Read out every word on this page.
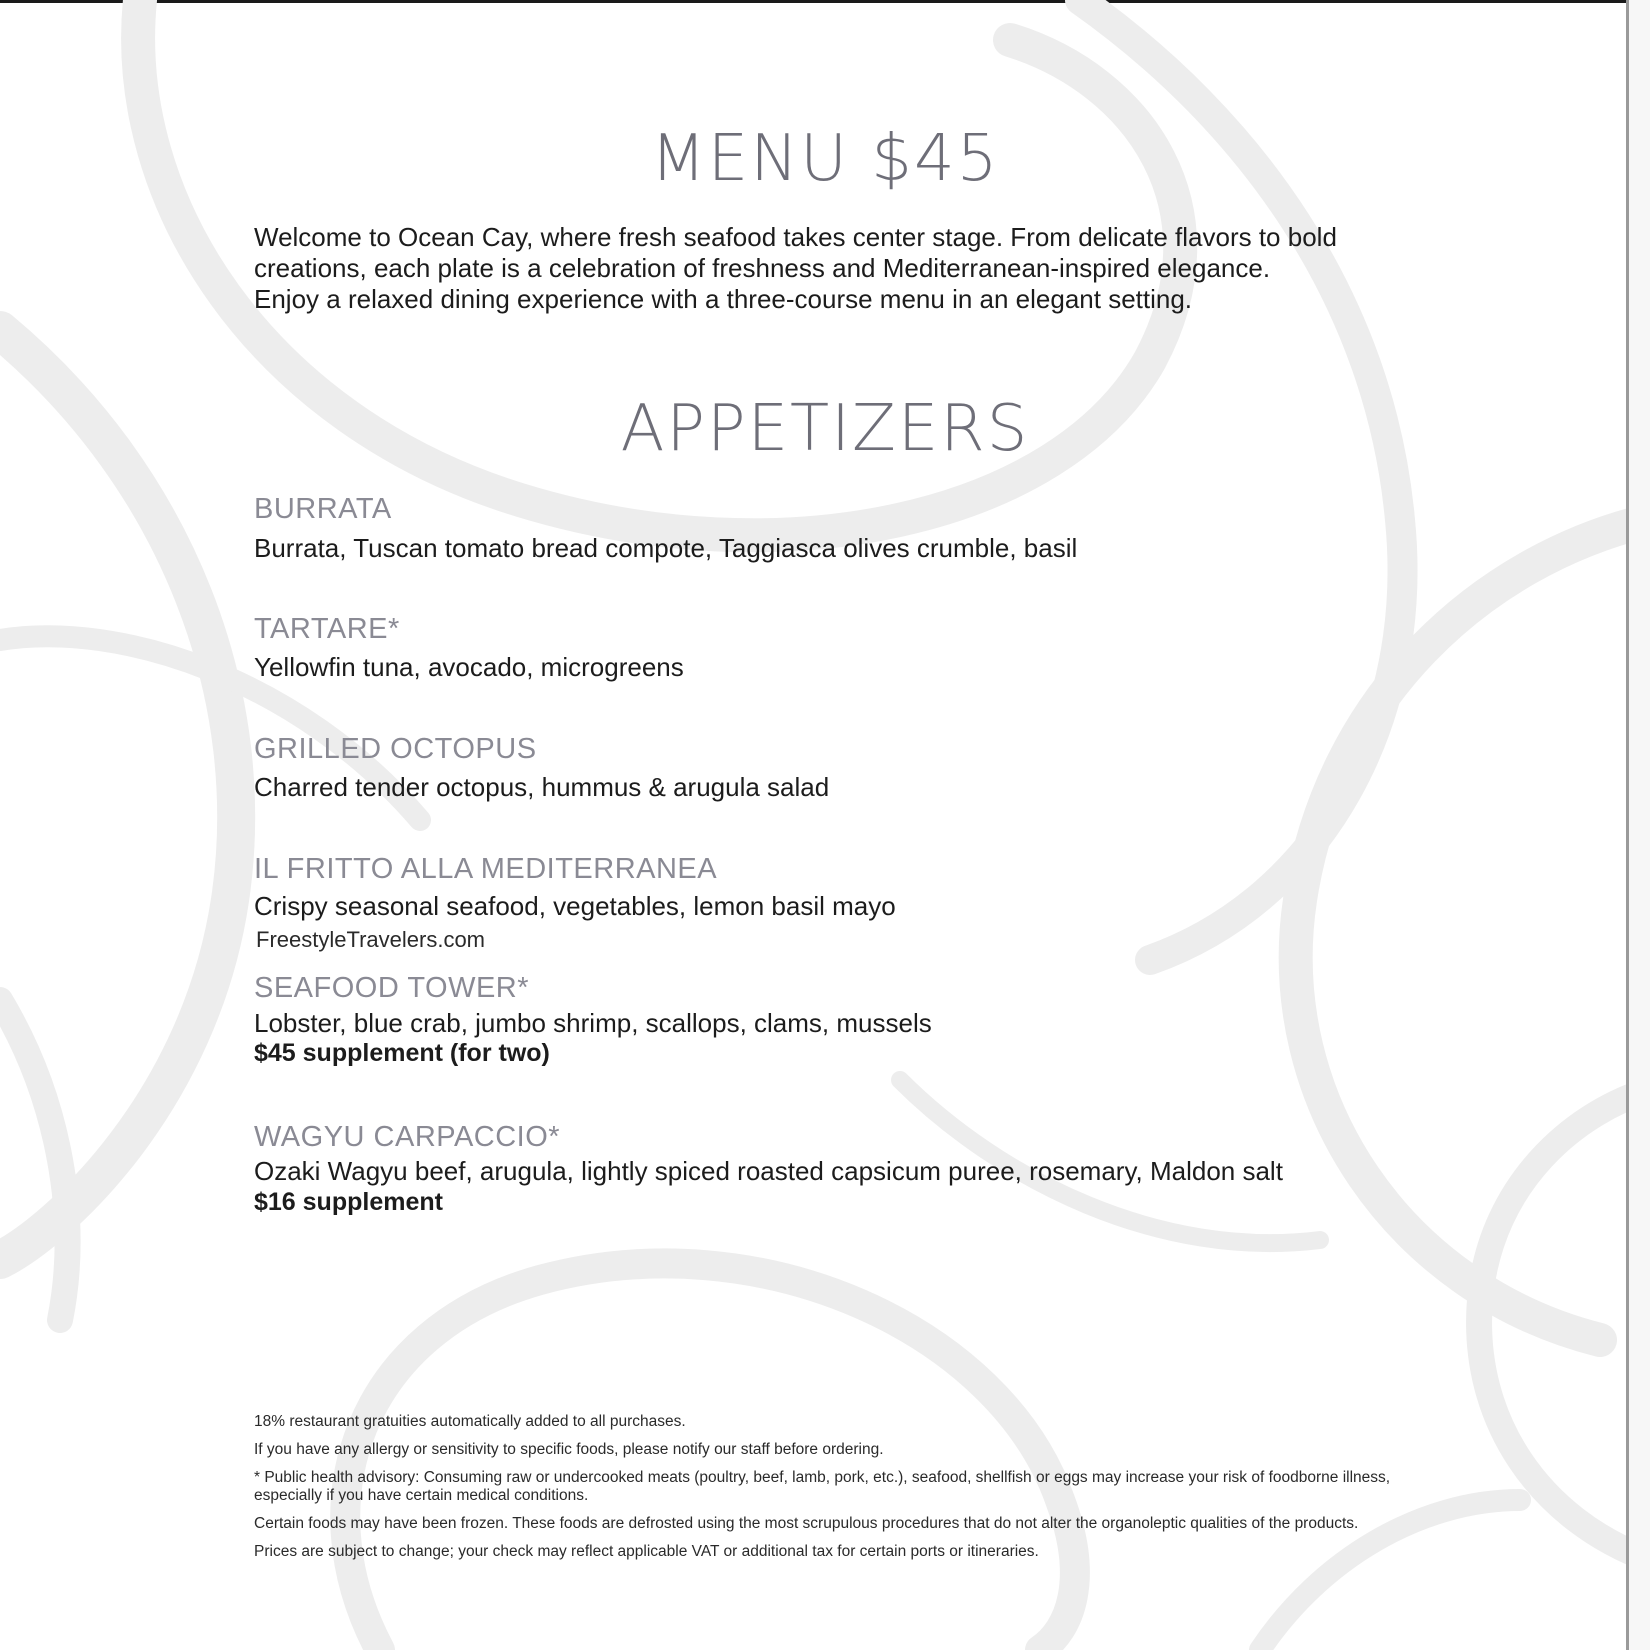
MENU $45
Welcome to Ocean Cay, where fresh seafood takes center stage. From delicate flavors to bold
creations, each plate is a celebration of freshness and Mediterranean-inspired elegance.
Enjoy a relaxed dining experience with a three-course menu in an elegant setting.
APPETIZERS
BURRATA
Burrata, Tuscan tomato bread compote, Taggiasca olives crumble, basil
TARTARE*
Yellowfin tuna, avocado, microgreens
GRILLED OCTOPUS
Charred tender octopus, hummus & arugula salad
IL FRITTO ALLA MEDITERRANEA
Crispy seasonal seafood, vegetables, lemon basil mayo
FreestyleTravelers.com
SEAFOOD TOWER*
Lobster, blue crab, jumbo shrimp, scallops, clams, mussels
$45 supplement (for two)
WAGYU CARPACCIO*
Ozaki Wagyu beef, arugula, lightly spiced roasted capsicum puree, rosemary, Maldon salt
$16 supplement

18% restaurant gratuities automatically added to all purchases.

If you have any allergy or sensitivity to specific foods, please notify our staff before ordering.

* Public health advisory: Consuming raw or undercooked meats (poultry, beef, lamb, pork, etc.), seafood, shellfish or eggs may increase your risk of foodborne illness, especially if you have certain medical conditions.

Certain foods may have been frozen. These foods are defrosted using the most scrupulous procedures that do not alter the organoleptic qualities of the products.

Prices are subject to change; your check may reflect applicable VAT or additional tax for certain ports or itineraries.
